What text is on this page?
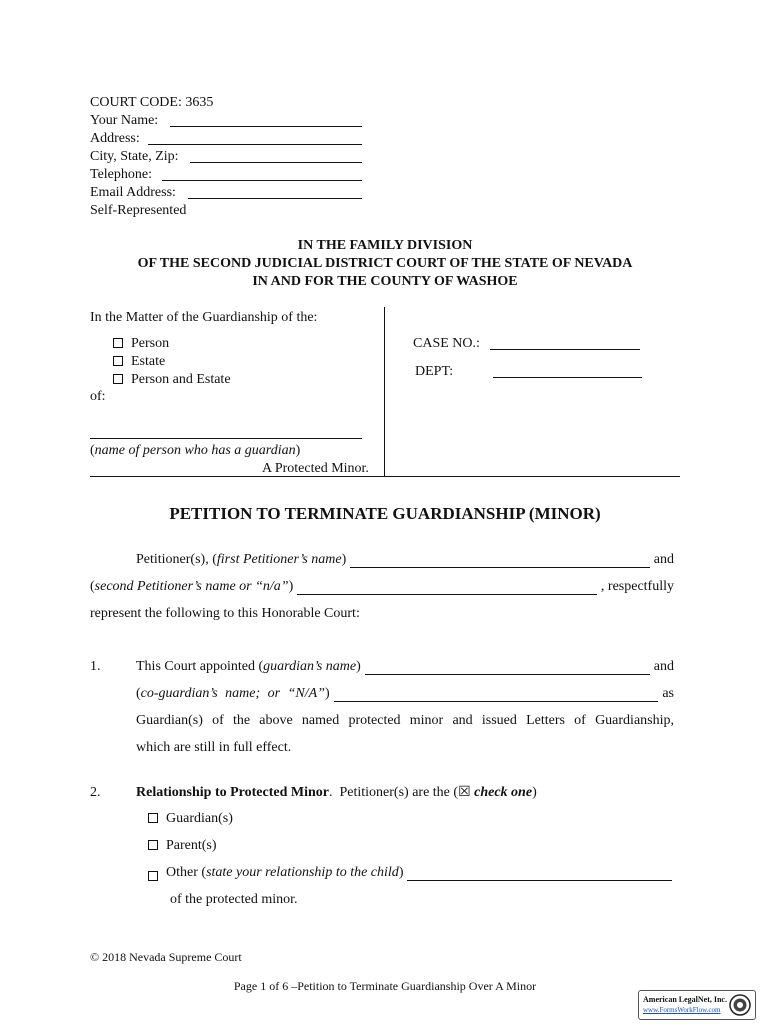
COURT CODE: 3635
Your Name:
Address:
City, State, Zip:
Telephone:
Email Address:
Self-Represented
IN THE FAMILY DIVISION
OF THE SECOND JUDICIAL DISTRICT COURT OF THE STATE OF NEVADA
IN AND FOR THE COUNTY OF WASHOE
In the Matter of the Guardianship of the:
Person
Estate
Person and Estate
of:
(name of person who has a guardian)
A Protected Minor.
CASE NO.:
DEPT:
PETITION TO TERMINATE GUARDIANSHIP (MINOR)
Petitioner(s), ( first Petitioner’s name )	and
( second Petitioner’s name or “n/a” )	, respectfully
represent the following to this Honorable Court:
1.	This Court appointed ( guardian’s name )	and
( co-guardian’s name; or “N/A” )	as
Guardian(s) of the above named protected minor and issued Letters of Guardianship,
which are still in full effect.
2.	Relationship to Protected Minor.  Petitioner(s) are the (☒ check one)
Guardian(s)
Parent(s)
Other ( state your relationship to the child )
of the protected minor.
© 2018 Nevada Supreme Court
Page 1 of 6 –Petition to Terminate Guardianship Over A Minor
American LegalNet, Inc.
www.FormsWorkFlow.com
